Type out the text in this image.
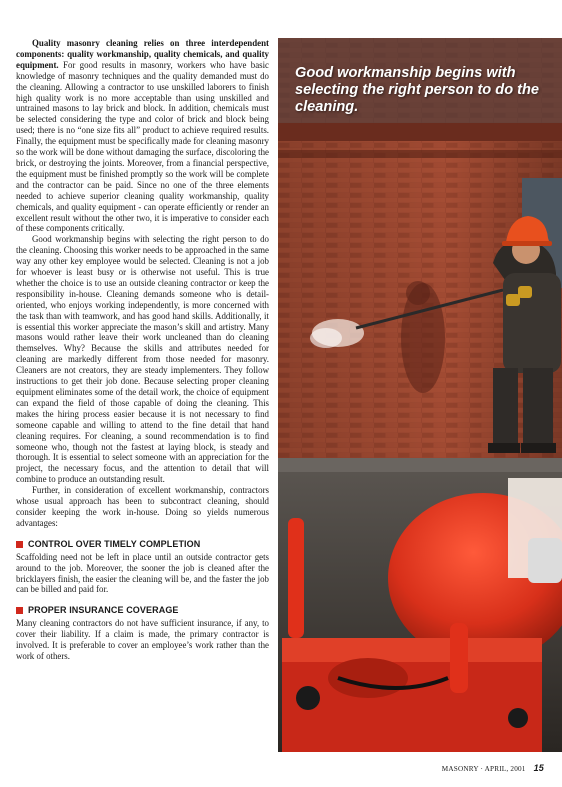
Quality masonry cleaning relies on three interdependent components: quality workmanship, quality chemicals, and quality equipment. For good results in masonry, workers who have basic knowledge of masonry techniques and the quality demanded must do the cleaning. Allowing a contractor to use unskilled laborers to finish high quality work is no more acceptable than using unskilled and untrained masons to lay brick and block. In addition, chemicals must be selected considering the type and color of brick and block being used; there is no “one size fits all” product to achieve required results. Finally, the equipment must be specifically made for cleaning masonry so the work will be done without damaging the surface, discoloring the brick, or destroying the joints. Moreover, from a financial perspective, the equipment must be finished promptly so the work will be complete and the contractor can be paid. Since no one of the three elements needed to achieve superior cleaning quality workmanship, quality chemicals, and quality equipment - can operate efficiently or render an excellent result without the other two, it is imperative to consider each of these components critically.

Good workmanship begins with selecting the right person to do the cleaning. Choosing this worker needs to be approached in the same way any other key employee would be selected. Cleaning is not a job for whoever is least busy or is otherwise not useful. This is true whether the choice is to use an outside cleaning contractor or keep the responsibility in-house. Cleaning demands someone who is detail-oriented, who enjoys working independently, is more concerned with the task than with teamwork, and has good hand skills. Additionally, it is essential this worker appreciate the mason’s skill and artistry. Many masons would rather leave their work uncleaned than do cleaning themselves. Why? Because the skills and attributes needed for cleaning are markedly different from those needed for masonry. Cleaners are not creators, they are steady implementers. They follow instructions to get their job done. Because selecting proper cleaning equipment eliminates some of the detail work, the choice of equipment can expand the field of those capable of doing the cleaning. This makes the hiring process easier because it is not necessary to find someone capable and willing to attend to the fine detail that hand cleaning requires. For cleaning, a sound recommendation is to find someone who, though not the fastest at laying block, is steady and thorough. It is essential to select someone with an appreciation for the project, the necessary focus, and the attention to detail that will combine to produce an outstanding result.

Further, in consideration of excellent workmanship, contractors whose usual approach has been to subcontract cleaning, should consider keeping the work in-house. Doing so yields numerous advantages:

CONTROL OVER TIMELY COMPLETION

Scaffolding need not be left in place until an outside contractor gets around to the job. Moreover, the sooner the job is cleaned after the bricklayers finish, the easier the cleaning will be, and the faster the job can be billed and paid for.

PROPER INSURANCE COVERAGE

Many cleaning contractors do not have sufficient insurance, if any, to cover their liability. If a claim is made, the primary contractor is involved. It is preferable to cover an employee’s work rather than the work of others.

Good workmanship begins with selecting the right person to do the cleaning.
MASONRY · APRIL, 2001 15
